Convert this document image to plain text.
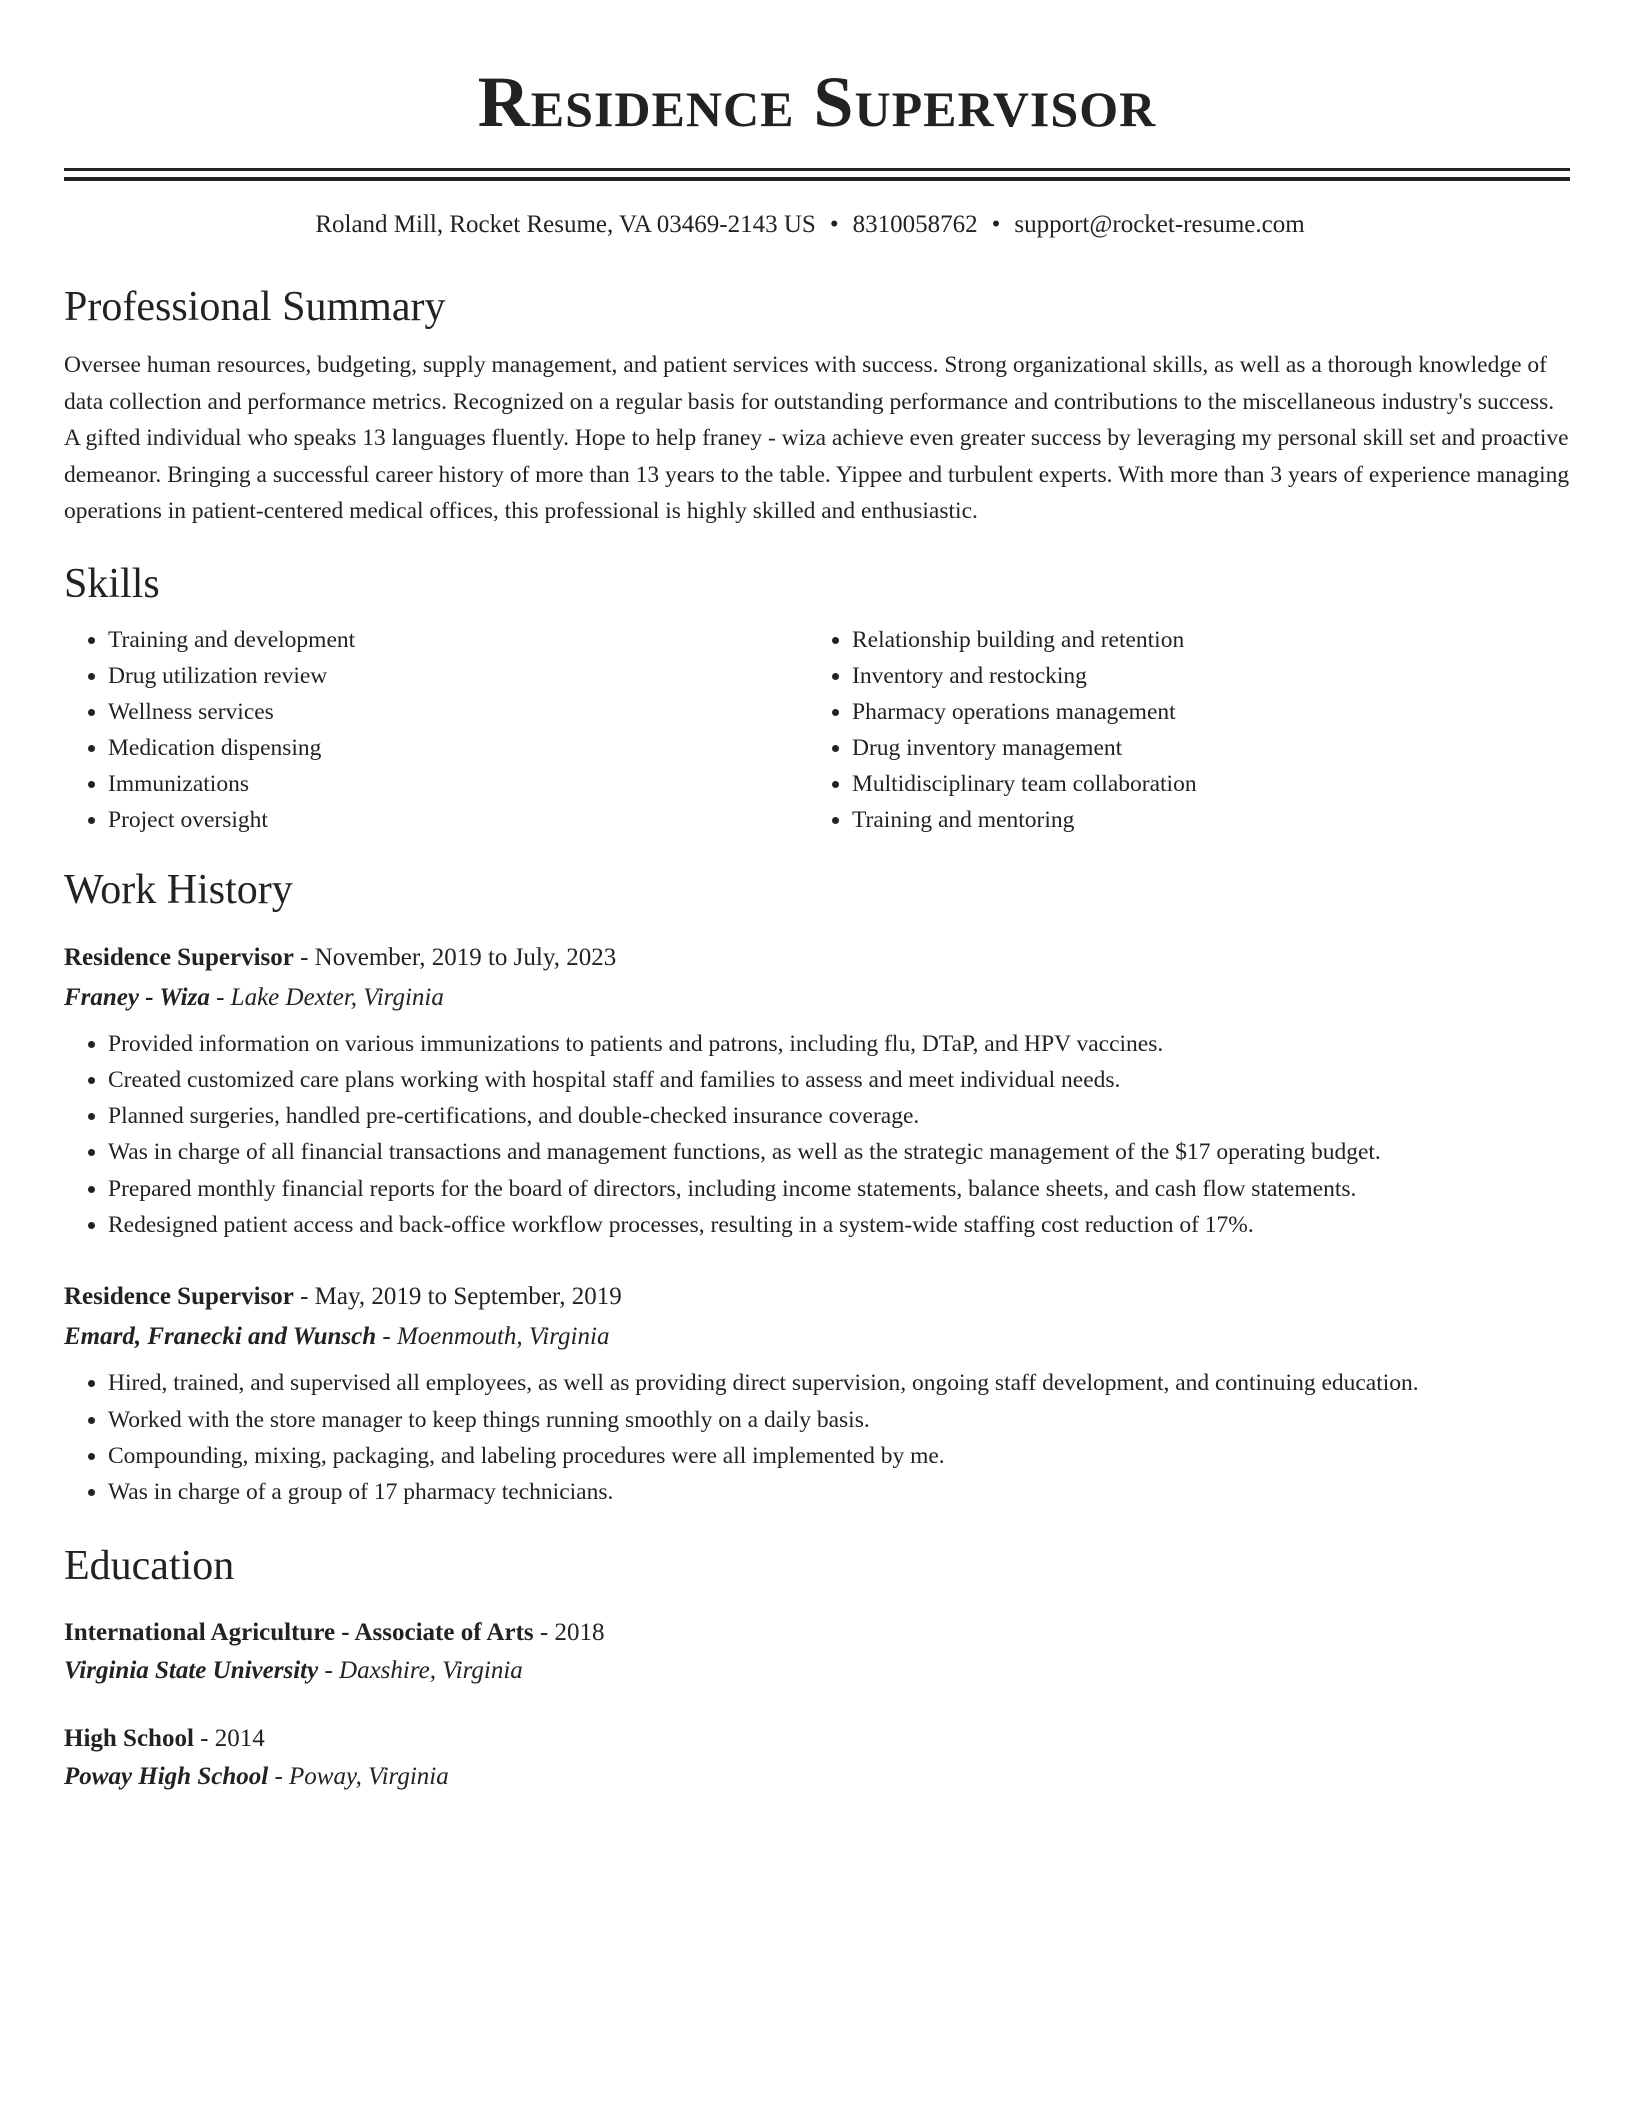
Residence Supervisor
Roland Mill, Rocket Resume, VA 03469-2143 US • 8310058762 • support@rocket-resume.com
Professional Summary

Oversee human resources, budgeting, supply management, and patient services with success. Strong organizational skills, as well as a thorough knowledge of data collection and performance metrics. Recognized on a regular basis for outstanding performance and contributions to the miscellaneous industry's success. A gifted individual who speaks 13 languages fluently. Hope to help franey - wiza achieve even greater success by leveraging my personal skill set and proactive demeanor. Bringing a successful career history of more than 13 years to the table. Yippee and turbulent experts. With more than 3 years of experience managing operations in patient-centered medical offices, this professional is highly skilled and enthusiastic.

Skills
• Training and development
• Drug utilization review
• Wellness services
• Medication dispensing
• Immunizations
• Project oversight
• Relationship building and retention
• Inventory and restocking
• Pharmacy operations management
• Drug inventory management
• Multidisciplinary team collaboration
• Training and mentoring
Work History
Residence Supervisor - November, 2019 to July, 2023
Franey - Wiza - Lake Dexter, Virginia
• Provided information on various immunizations to patients and patrons, including flu, DTaP, and HPV vaccines.
• Created customized care plans working with hospital staff and families to assess and meet individual needs.
• Planned surgeries, handled pre-certifications, and double-checked insurance coverage.
• Was in charge of all financial transactions and management functions, as well as the strategic management of the $17 operating budget.
• Prepared monthly financial reports for the board of directors, including income statements, balance sheets, and cash flow statements.
• Redesigned patient access and back-office workflow processes, resulting in a system-wide staffing cost reduction of 17%.
Residence Supervisor - May, 2019 to September, 2019
Emard, Franecki and Wunsch - Moenmouth, Virginia
• Hired, trained, and supervised all employees, as well as providing direct supervision, ongoing staff development, and continuing education.
• Worked with the store manager to keep things running smoothly on a daily basis.
• Compounding, mixing, packaging, and labeling procedures were all implemented by me.
• Was in charge of a group of 17 pharmacy technicians.
Education
International Agriculture - Associate of Arts - 2018
Virginia State University - Daxshire, Virginia
High School - 2014
Poway High School - Poway, Virginia
